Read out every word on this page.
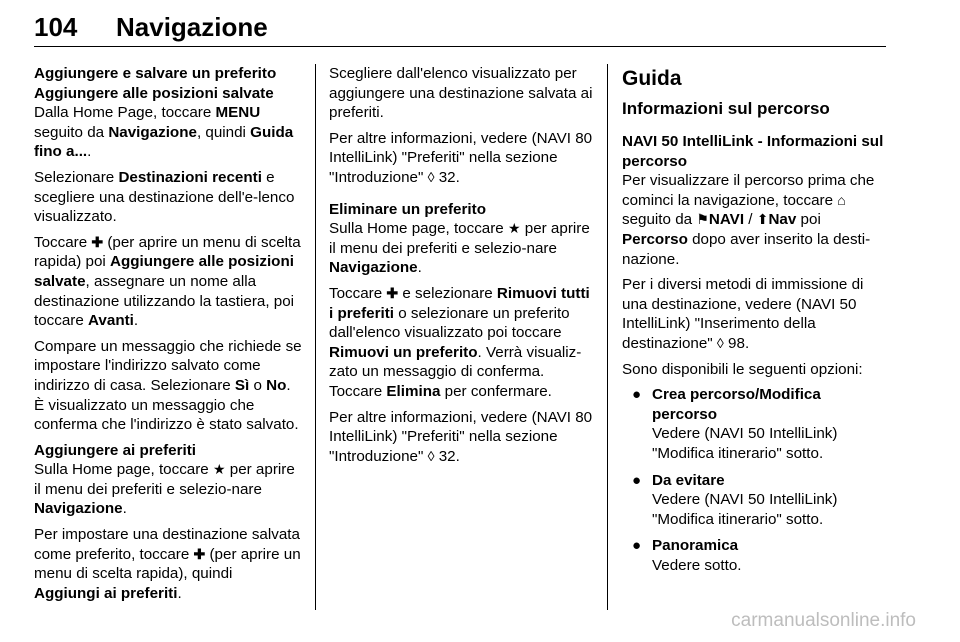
104 Navigazione
Aggiungere e salvare un preferito
Aggiungere alle posizioni salvate

Dalla Home Page, toccare MENU seguito da Navigazione, quindi Guida fino a....

Selezionare Destinazioni recenti e scegliere una destinazione dell'e-lenco visualizzato.

Toccare ✚ (per aprire un menu di scelta rapida) poi Aggiungere alle posizioni salvate, assegnare un nome alla destinazione utilizzando la tastiera, poi toccare Avanti.

Compare un messaggio che richiede se impostare l'indirizzo salvato come indirizzo di casa. Selezionare Sì o No. È visualizzato un messaggio che conferma che l'indirizzo è stato salvato.

Aggiungere ai preferiti

Sulla Home page, toccare ★ per aprire il menu dei preferiti e selezio-nare Navigazione.

Per impostare una destinazione salvata come preferito, toccare ✚ (per aprire un menu di scelta rapida), quindi Aggiungi ai preferiti.

Scegliere dall'elenco visualizzato per aggiungere una destinazione salvata ai preferiti.

Per altre informazioni, vedere (NAVI 80 IntelliLink) "Preferiti" nella sezione "Introduzione" ◊ 32.

Eliminare un preferito

Sulla Home page, toccare ★ per aprire il menu dei preferiti e selezio-nare Navigazione.

Toccare ✚ e selezionare Rimuovi tutti i preferiti o selezionare un preferito dall'elenco visualizzato poi toccare Rimuovi un preferito. Verrà visualiz-zato un messaggio di conferma. Toccare Elimina per confermare.

Per altre informazioni, vedere (NAVI 80 IntelliLink) "Preferiti" nella sezione "Introduzione" ◊ 32.

Guida
Informazioni sul percorso
NAVI 50 IntelliLink - Informazioni sul percorso

Per visualizzare il percorso prima che cominci la navigazione, toccare ⌂ seguito da ⚑NAVI / ⬆Nav poi Percorso dopo aver inserito la desti-nazione.

Per i diversi metodi di immissione di una destinazione, vedere (NAVI 50 IntelliLink) "Inserimento della destinazione" ◊ 98.

Sono disponibili le seguenti opzioni:

● Crea percorso/Modifica percorso
Vedere (NAVI 50 IntelliLink) "Modifica itinerario" sotto.
● Da evitare
Vedere (NAVI 50 IntelliLink) "Modifica itinerario" sotto.
● Panoramica
Vedere sotto.
carmanualsonline.info
